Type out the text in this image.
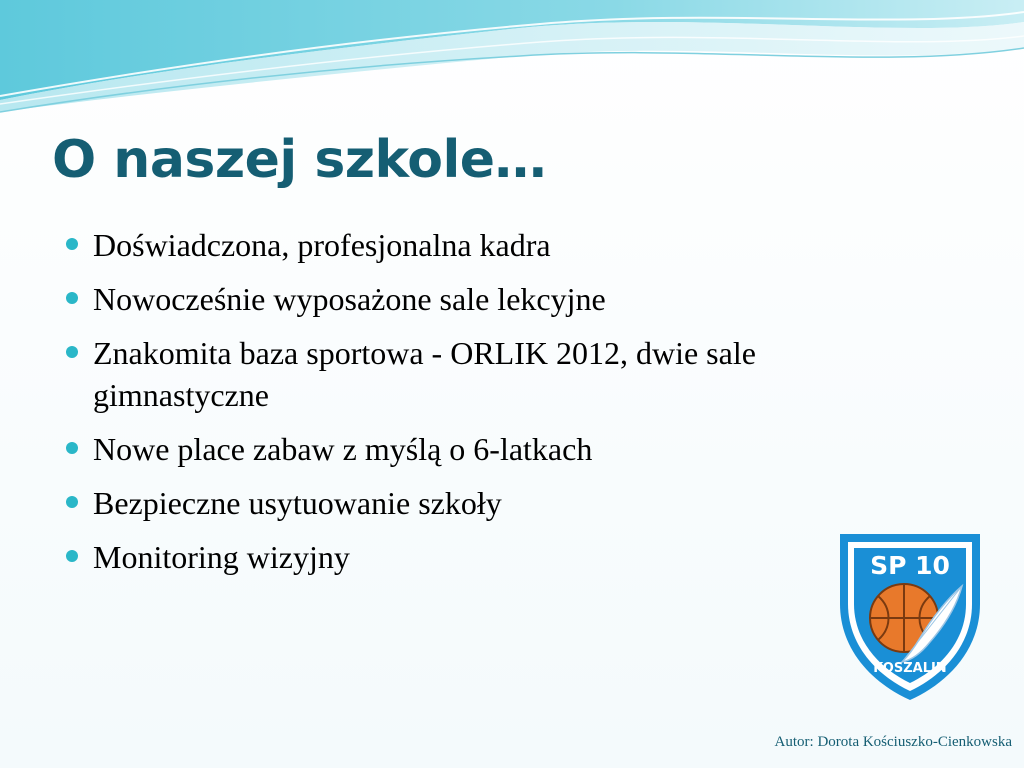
O naszej szkole…
Doświadczona, profesjonalna kadra
Nowocześnie wyposażone sale lekcyjne
Znakomita baza sportowa - ORLIK 2012, dwie sale gimnastyczne
Nowe place zabaw z myślą o 6-latkach
Bezpieczne usytuowanie szkoły
Monitoring wizyjny	SP 10
KOSZALIN
Autor: Dorota Kościuszko-Cienkowska
